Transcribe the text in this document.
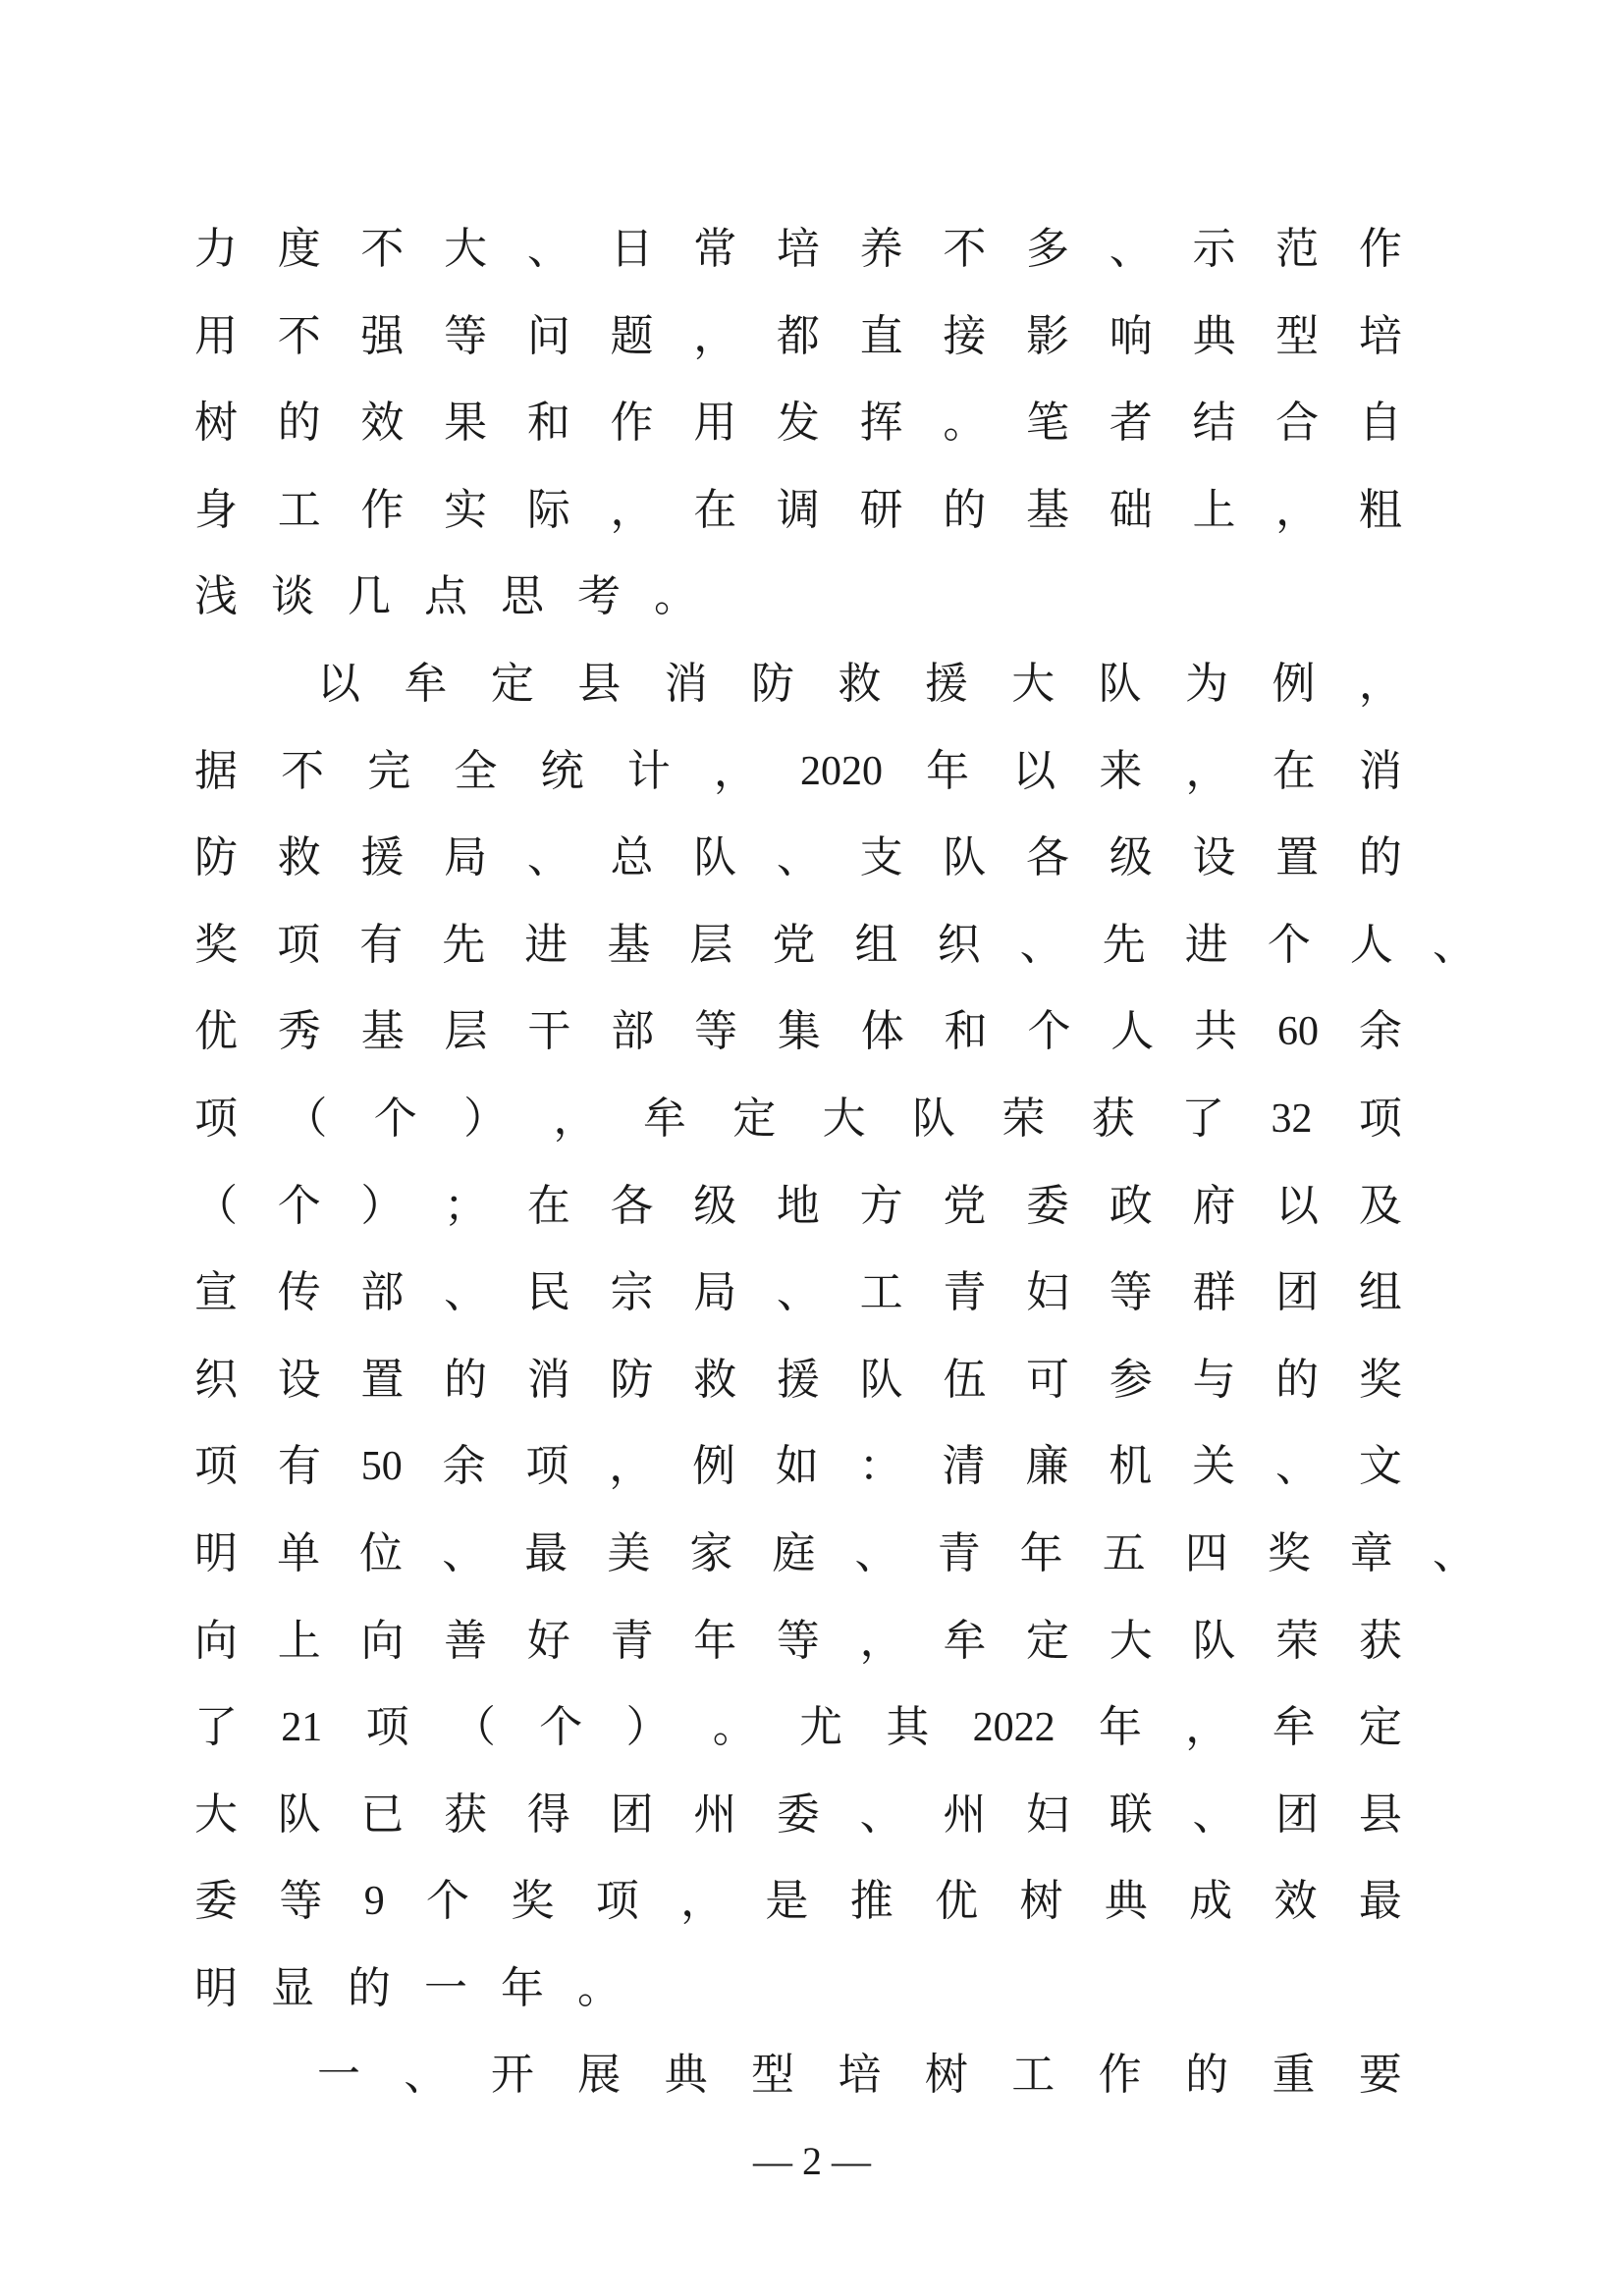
力 度 不 大 、 日 常 培 养 不 多 、 示 范 作
用 不 强 等 问 题 ， 都 直 接 影 响 典 型 培
树 的 效 果 和 作 用 发 挥 。 笔 者 结 合 自
身 工 作 实 际 ， 在 调 研 的 基 础 上 ， 粗
浅 谈 几 点 思 考 。
以 牟 定 县 消 防 救 援 大 队 为 例 ，
据 不 完 全 统 计 ， 2020 年 以 来 ， 在 消
防 救 援 局 、 总 队 、 支 队 各 级 设 置 的
奖 项 有 先 进 基 层 党 组 织 、 先 进 个 人 、
优 秀 基 层 干 部 等 集 体 和 个 人 共 60 余
项 （ 个 ） ， 牟 定 大 队 荣 获 了 32 项
（ 个 ） ； 在 各 级 地 方 党 委 政 府 以 及
宣 传 部 、 民 宗 局 、 工 青 妇 等 群 团 组
织 设 置 的 消 防 救 援 队 伍 可 参 与 的 奖
项 有 50 余 项 ， 例 如 ： 清 廉 机 关 、 文
明 单 位 、 最 美 家 庭 、 青 年 五 四 奖 章 、
向 上 向 善 好 青 年 等 ， 牟 定 大 队 荣 获
了 21 项 （ 个 ） 。 尤 其 2022 年 ， 牟 定
大 队 已 获 得 团 州 委 、 州 妇 联 、 团 县
委 等 9 个 奖 项 ， 是 推 优 树 典 成 效 最
明 显 的 一 年 。
一 、 开 展 典 型 培 树 工 作 的 重 要
— 2 —
